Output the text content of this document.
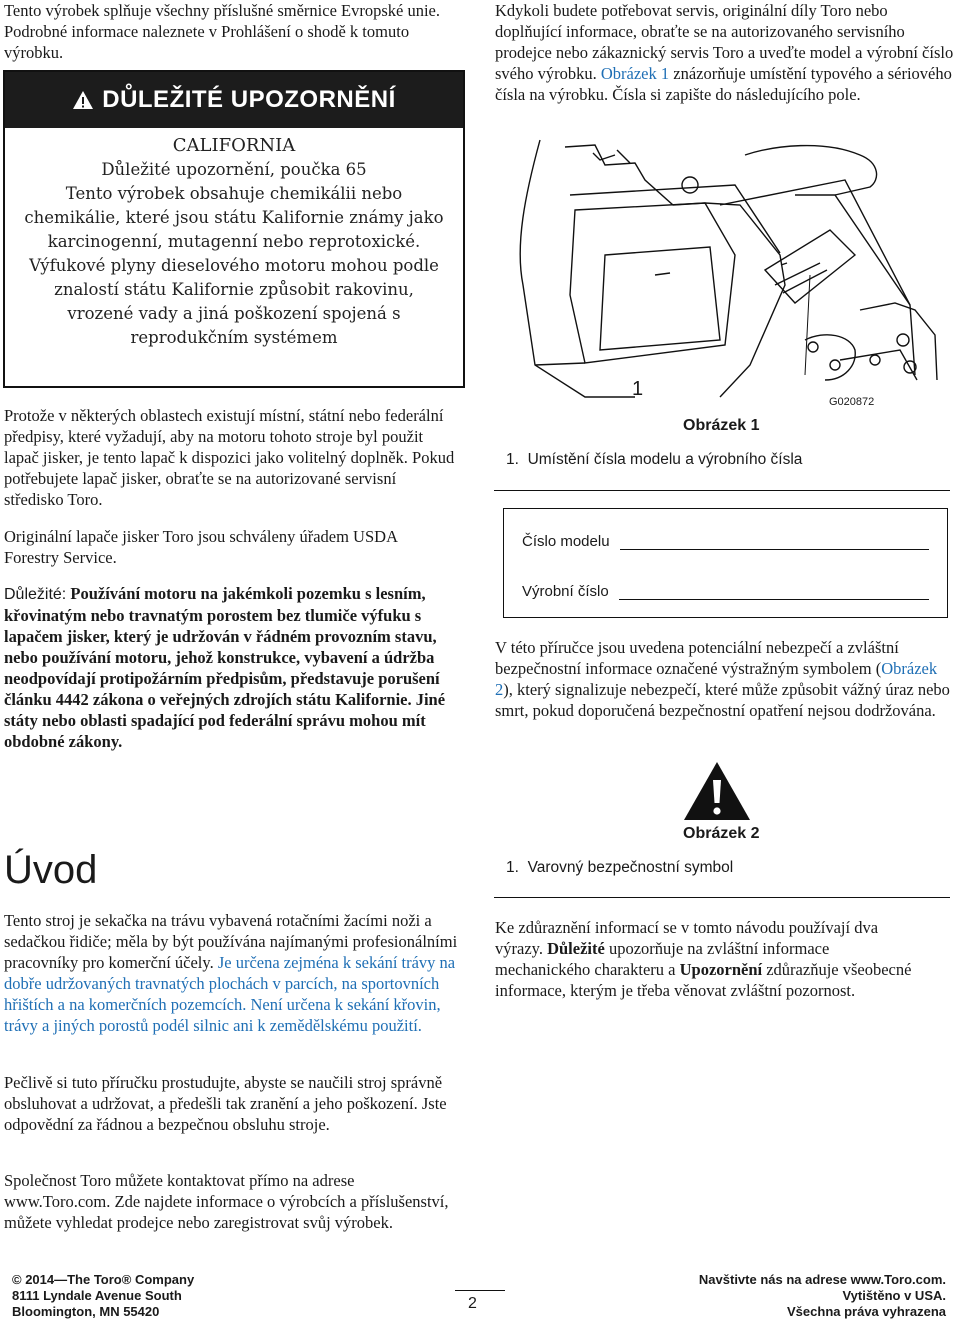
Tento výrobek splňuje všechny příslušné směrnice Evropské unie. Podrobné informace naleznete v Prohlášení o shodě k tomuto výrobku.

DŮLEŽITÉ UPOZORNĚNÍ
CALIFORNIA
Důležité upozornění, poučka 65
Tento výrobek obsahuje chemikálii nebo chemikálie, které jsou státu Kalifornie známy jako karcinogenní, mutagenní nebo reprotoxické.
Výfukové plyny dieselového motoru mohou podle znalostí státu Kalifornie způsobit rakovinu, vrozené vady a jiná poškození spojená s reprodukčním systémem

Protože v některých oblastech existují místní, státní nebo federální předpisy, které vyžadují, aby na motoru tohoto stroje byl použit lapač jisker, je tento lapač k dispozici jako volitelný doplněk. Pokud potřebujete lapač jisker, obraťte se na autorizované servisní středisko Toro.

Originální lapače jisker Toro jsou schváleny úřadem USDA Forestry Service.

Důležité: Používání motoru na jakémkoli pozemku s lesním, křovinatým nebo travnatým porostem bez tlumiče výfuku s lapačem jisker, který je udržován v řádném provozním stavu, nebo používání motoru, jehož konstrukce, vybavení a údržba neodpovídají protipožárním předpisům, představuje porušení článku 4442 zákona o veřejných zdrojích státu Kalifornie. Jiné státy nebo oblasti spadající pod federální správu mohou mít obdobné zákony.

Úvod

Tento stroj je sekačka na trávu vybavená rotačními žacími noži a sedačkou řidiče; měla by být používána najímanými profesionálními pracovníky pro komerční účely. Je určena zejména k sekání trávy na dobře udržovaných travnatých plochách v parcích, na sportovních hřištích a na komerčních pozemcích. Není určena k sekání křovin, trávy a jiných porostů podél silnic ani k zemědělskému použití.

Pečlivě si tuto příručku prostudujte, abyste se naučili stroj správně obsluhovat a udržovat, a předešli tak zranění a jeho poškození. Jste odpovědní za řádnou a bezpečnou obsluhu stroje.

Společnost Toro můžete kontaktovat přímo na adrese www.Toro.com. Zde najdete informace o výrobcích a příslušenství, můžete vyhledat prodejce nebo zaregistrovat svůj výrobek.

Kdykoli budete potřebovat servis, originální díly Toro nebo doplňující informace, obraťte se na autorizovaného servisního prodejce nebo zákaznický servis Toro a uveďte model a výrobní číslo svého výrobku. Obrázek 1 znázorňuje umístění typového a sériového čísla na výrobku. Čísla si zapište do následujícího pole.

1
G020872
Obrázek 1
1. Umístění čísla modelu a výrobního čísla
Číslo modelu
Výrobní číslo

V této příručce jsou uvedena potenciální nebezpečí a zvláštní bezpečnostní informace označené výstražným symbolem (Obrázek 2), který signalizuje nebezpečí, které může způsobit vážný úraz nebo smrt, pokud doporučená bezpečnostní opatření nejsou dodržována.

Obrázek 2
1. Varovný bezpečnostní symbol

Ke zdůraznění informací se v tomto návodu používají dva výrazy. Důležité upozorňuje na zvláštní informace mechanického charakteru a Upozornění zdůrazňuje všeobecné informace, kterým je třeba věnovat zvláštní pozornost.

© 2014—The Toro® Company
8111 Lyndale Avenue South
Bloomington, MN 55420	2
Navštivte nás na adrese www.Toro.com.
Vytištěno v USA.
Všechna práva vyhrazena
